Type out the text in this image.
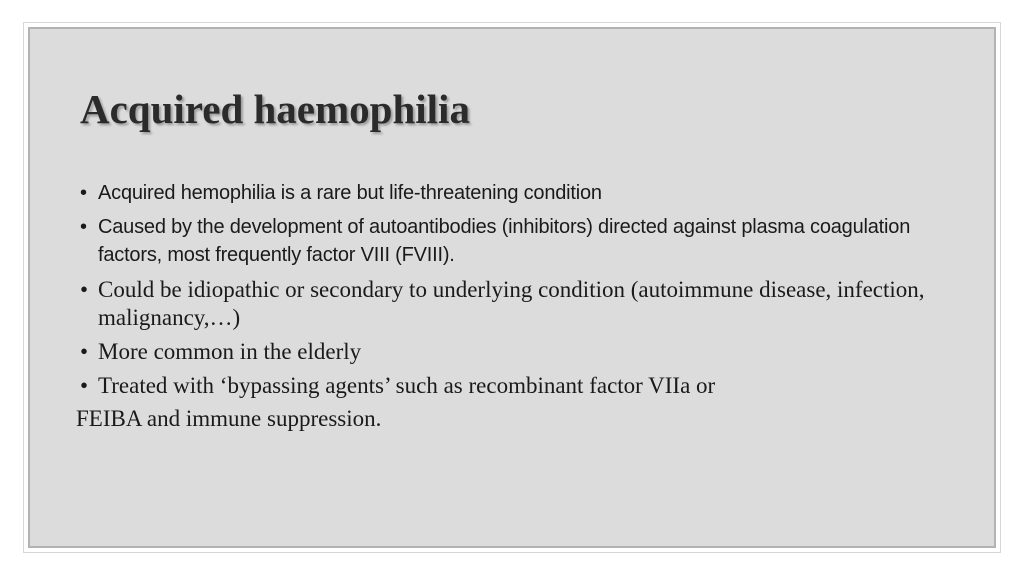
Acquired haemophilia
• Acquired hemophilia is a rare but life-threatening condition
• Caused by the development of autoantibodies (inhibitors) directed against plasma coagulation factors, most frequently factor VIII (FVIII).
• Could be idiopathic or secondary to underlying condition (autoimmune disease, infection, malignancy,…)
• More common in the elderly
• Treated with ‘bypassing agents’ such as recombinant factor VIIa or
FEIBA and immune suppression.
